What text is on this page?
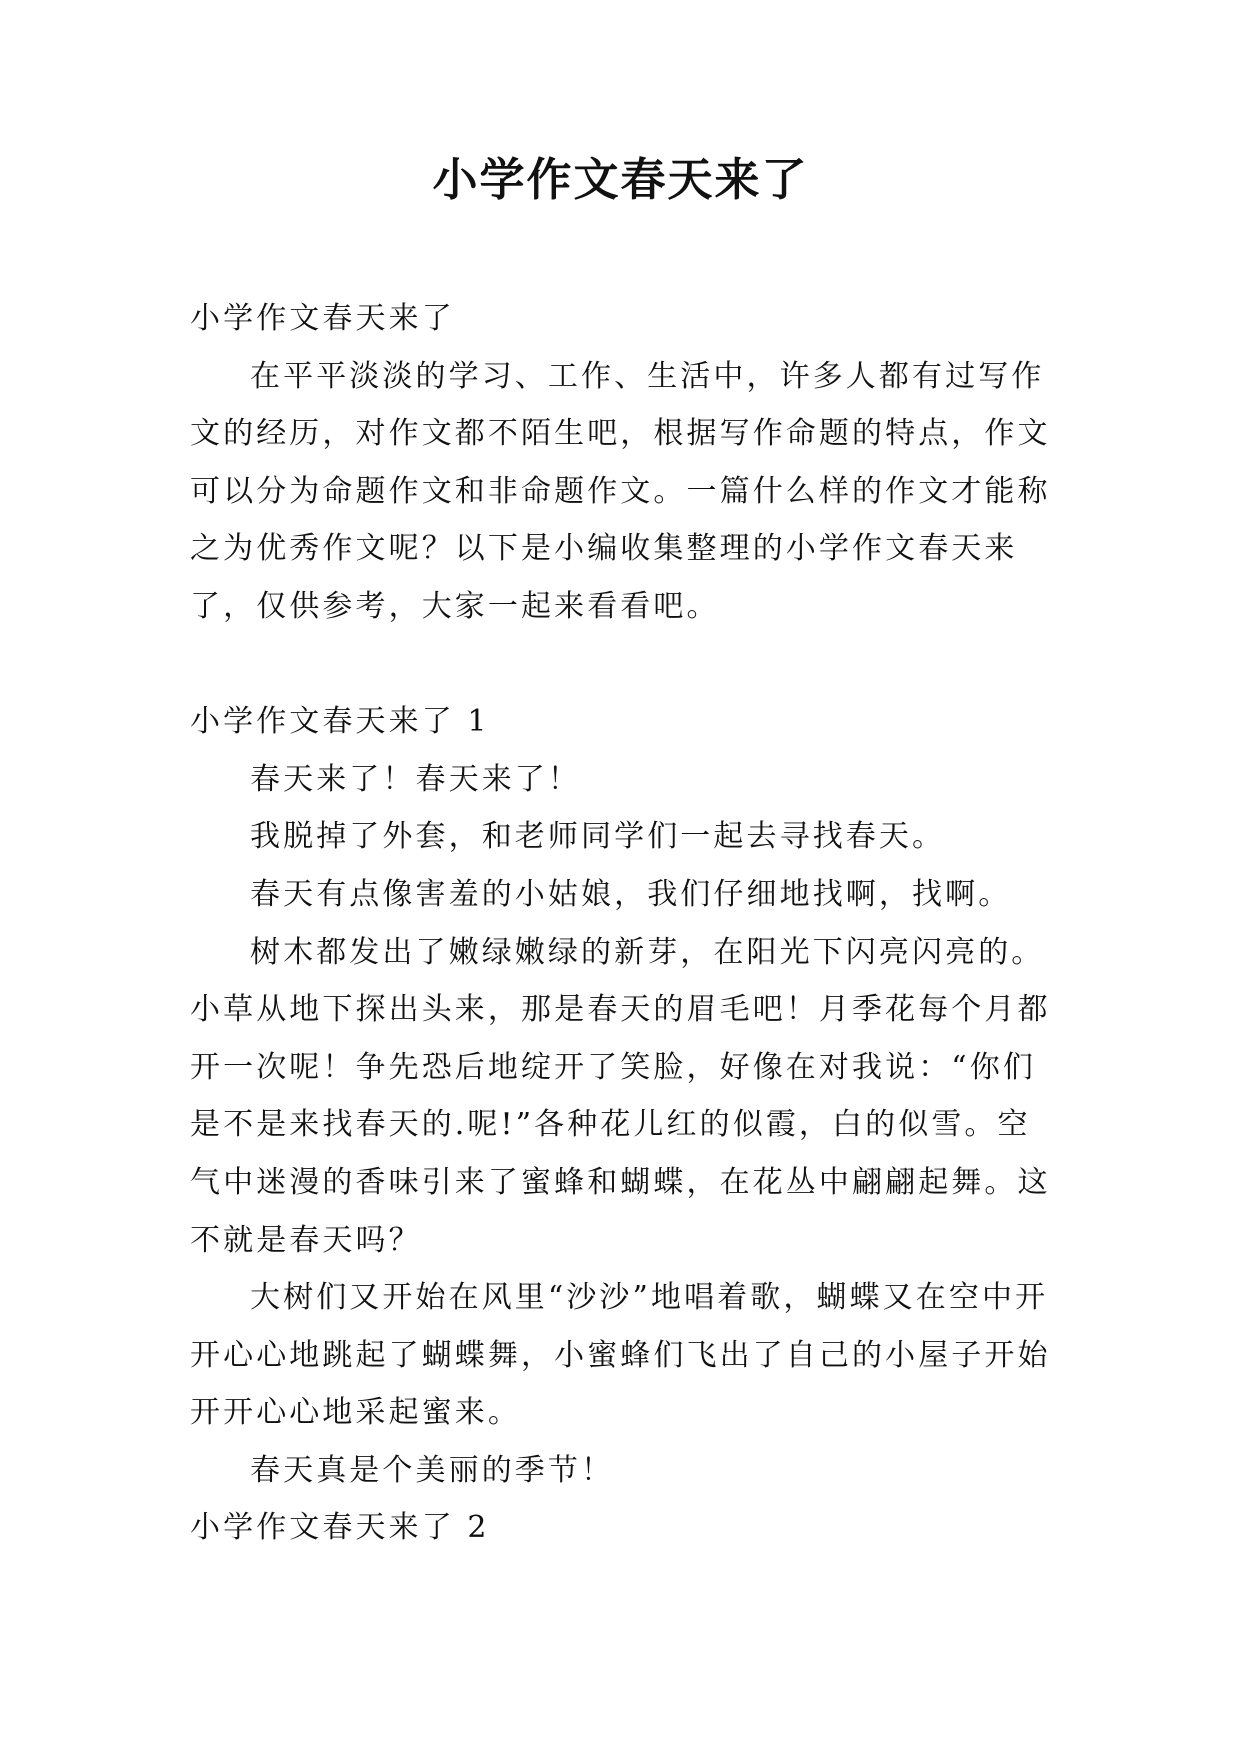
小学作文春天来了

小学作文春天来了

在平平淡淡的学习、工作、生活中，许多人都有过写作文的经历，对作文都不陌生吧，根据写作命题的特点，作文可以分为命题作文和非命题作文。一篇什么样的作文才能称之为优秀作文呢？以下是小编收集整理的小学作文春天来了，仅供参考，大家一起来看看吧。

小学作文春天来了 1

春天来了！春天来了！

我脱掉了外套，和老师同学们一起去寻找春天。

春天有点像害羞的小姑娘，我们仔细地找啊，找啊。

树木都发出了嫩绿嫩绿的新芽，在阳光下闪亮闪亮的。小草从地下探出头来，那是春天的眉毛吧！月季花每个月都开一次呢！争先恐后地绽开了笑脸，好像在对我说：“你们是不是来找春天的.呢!”各种花儿红的似霞，白的似雪。空气中迷漫的香味引来了蜜蜂和蝴蝶，在花丛中翩翩起舞。这不就是春天吗？

大树们又开始在风里“沙沙”地唱着歌，蝴蝶又在空中开开心心地跳起了蝴蝶舞，小蜜蜂们飞出了自己的小屋子开始开开心心地采起蜜来。

春天真是个美丽的季节！

小学作文春天来了 2
